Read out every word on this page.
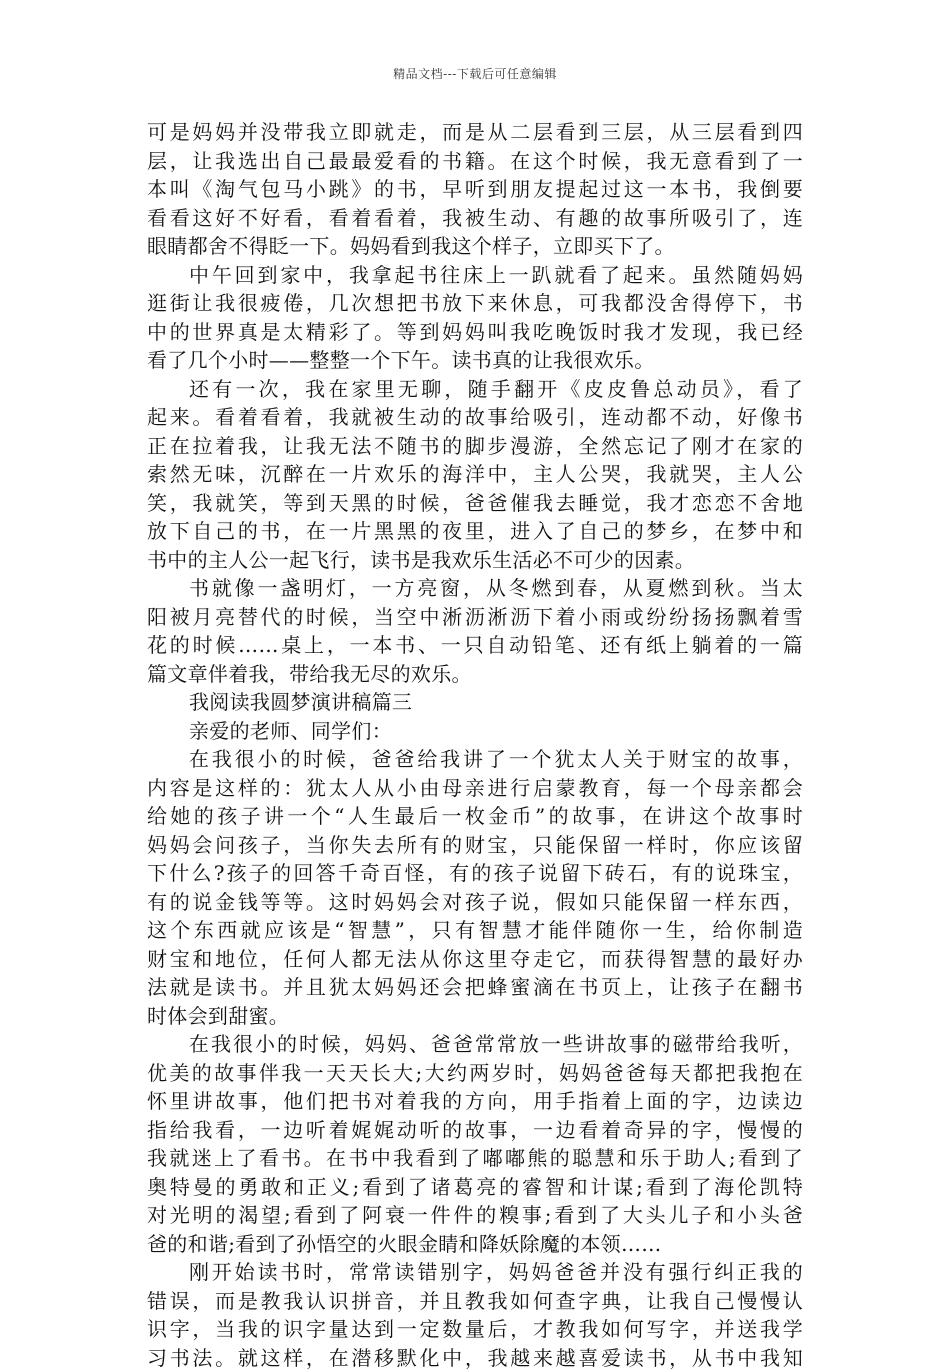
精品文档---下载后可任意编辑
可是妈妈并没带我立即就走，而是从二层看到三层，从三层看到四
层，让我选出自己最最爱看的书籍。在这个时候，我无意看到了一
本叫《淘气包马小跳》的书，早听到朋友提起过这一本书，我倒要
看看这好不好看，看着看着，我被生动、有趣的故事所吸引了，连
眼睛都舍不得眨一下。妈妈看到我这个样子，立即买下了。
中午回到家中，我拿起书往床上一趴就看了起来。虽然随妈妈
逛街让我很疲倦，几次想把书放下来休息，可我都没舍得停下，书
中的世界真是太精彩了。等到妈妈叫我吃晚饭时我才发现，我已经
看了几个小时——整整一个下午。读书真的让我很欢乐。
还有一次，我在家里无聊，随手翻开《皮皮鲁总动员》，看了
起来。看着看着，我就被生动的故事给吸引，连动都不动，好像书
正在拉着我，让我无法不随书的脚步漫游，全然忘记了刚才在家的
索然无味，沉醉在一片欢乐的海洋中，主人公哭，我就哭，主人公
笑，我就笑，等到天黑的时候，爸爸催我去睡觉，我才恋恋不舍地
放下自己的书，在一片黑黑的夜里，进入了自己的梦乡，在梦中和
书中的主人公一起飞行，读书是我欢乐生活必不可少的因素。
书就像一盏明灯，一方亮窗，从冬燃到春，从夏燃到秋。当太
阳被月亮替代的时候，当空中淅沥淅沥下着小雨或纷纷扬扬飘着雪
花的时候……桌上，一本书、一只自动铅笔、还有纸上躺着的一篇
篇文章伴着我，带给我无尽的欢乐。
我阅读我圆梦演讲稿篇三
亲爱的老师、同学们：
在我很小的时候，爸爸给我讲了一个犹太人关于财宝的故事，
内容是这样的：犹太人从小由母亲进行启蒙教育，每一个母亲都会
给她的孩子讲一个“人生最后一枚金币”的故事，在讲这个故事时
妈妈会问孩子，当你失去所有的财宝，只能保留一样时，你应该留
下什么?孩子的回答千奇百怪，有的孩子说留下砖石，有的说珠宝，
有的说金钱等等。这时妈妈会对孩子说，假如只能保留一样东西，
这个东西就应该是“智慧”，只有智慧才能伴随你一生，给你制造
财宝和地位，任何人都无法从你这里夺走它，而获得智慧的最好办
法就是读书。并且犹太妈妈还会把蜂蜜滴在书页上，让孩子在翻书
时体会到甜蜜。
在我很小的时候，妈妈、爸爸常常放一些讲故事的磁带给我听，
优美的故事伴我一天天长大;大约两岁时，妈妈爸爸每天都把我抱在
怀里讲故事，他们把书对着我的方向，用手指着上面的字，边读边
指给我看，一边听着娓娓动听的故事，一边看着奇异的字，慢慢的
我就迷上了看书。在书中我看到了嘟嘟熊的聪慧和乐于助人;看到了
奥特曼的勇敢和正义;看到了诸葛亮的睿智和计谋;看到了海伦凯特
对光明的渴望;看到了阿衰一件件的糗事;看到了大头儿子和小头爸
爸的和谐;看到了孙悟空的火眼金睛和降妖除魔的本领……
刚开始读书时，常常读错别字，妈妈爸爸并没有强行纠正我的
错误，而是教我认识拼音，并且教我如何查字典，让我自己慢慢认
识字，当我的识字量达到一定数量后，才教我如何写字，并送我学
习书法。就这样，在潜移默化中，我越来越喜爱读书，从书中我知
